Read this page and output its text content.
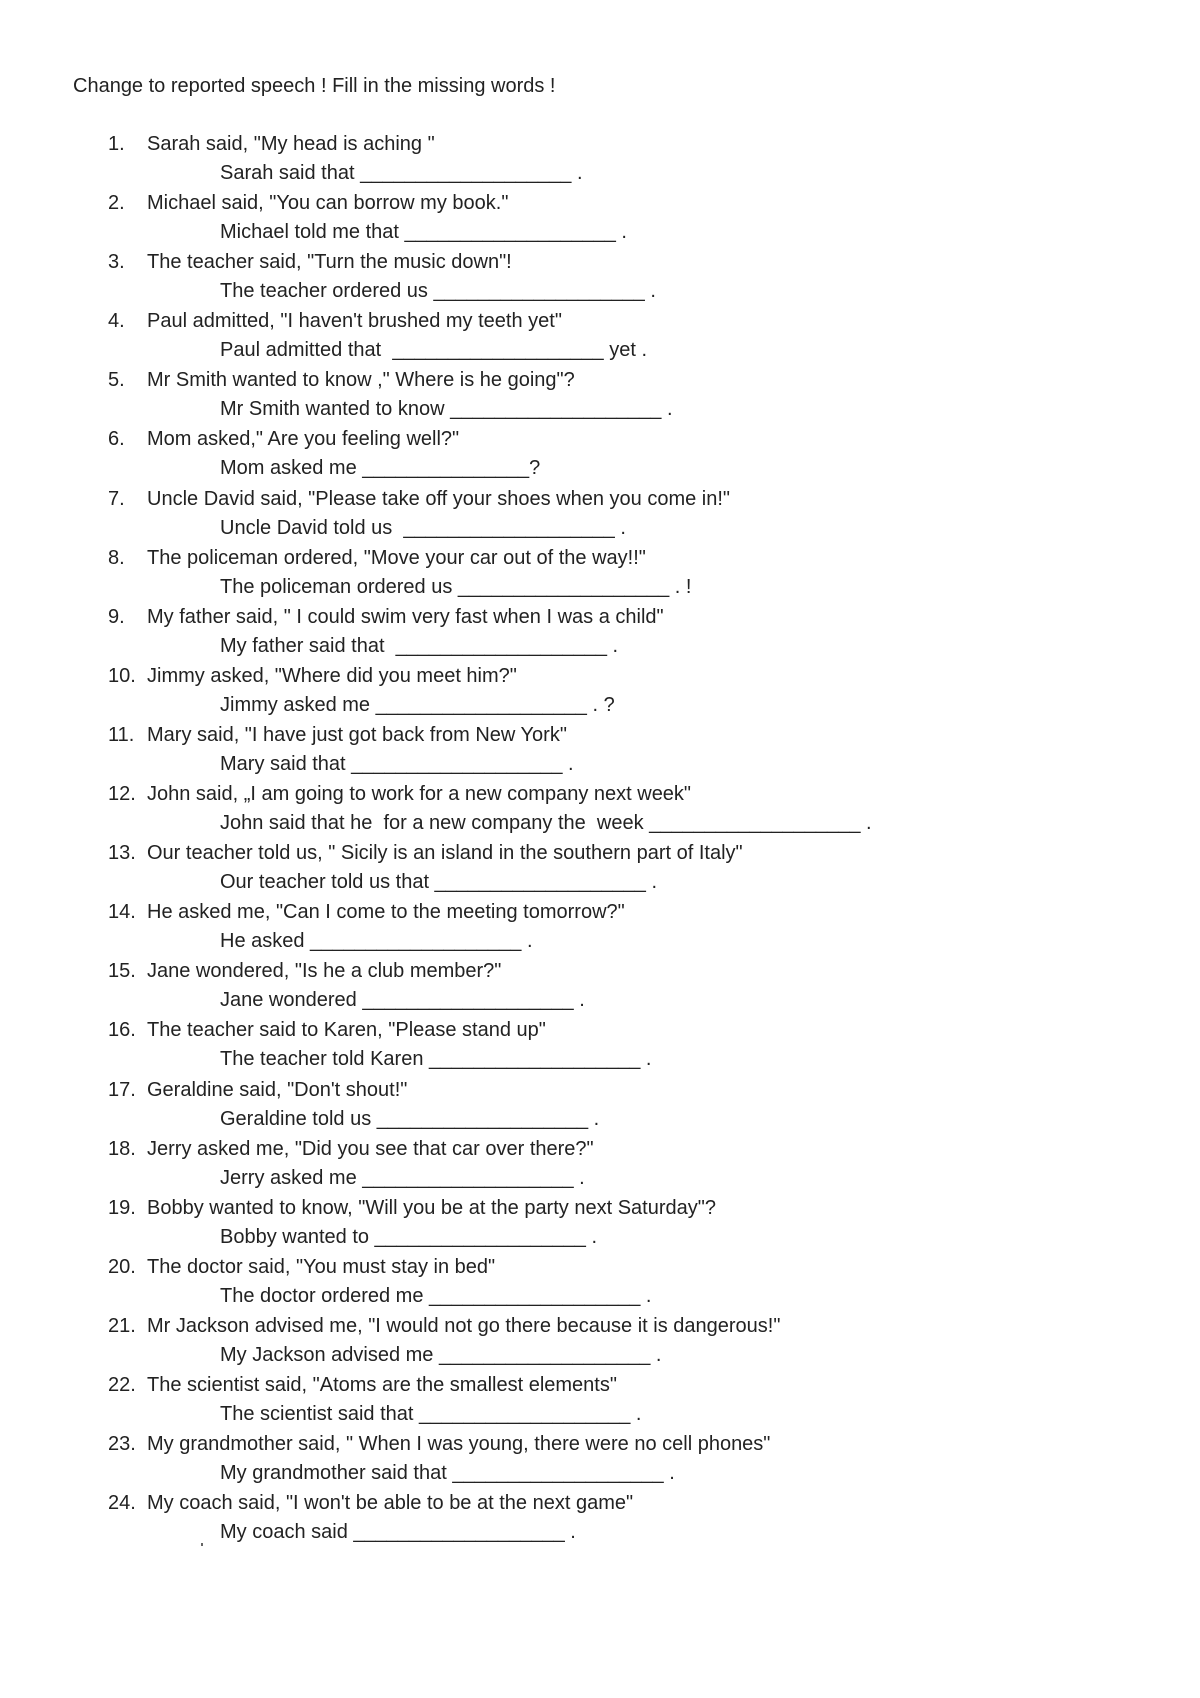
Change to reported speech ! Fill in the missing words !
1. Sarah said, "My head is aching "
Sarah said that ___________________ .
2. Michael said, "You can borrow my book."
Michael told me that ___________________ .
3. The teacher said, "Turn the music down"!
The teacher ordered us ___________________ .
4. Paul admitted, "I haven't brushed my teeth yet"
Paul admitted that  ___________________ yet .
5. Mr Smith wanted to know ," Where is he going"?
Mr Smith wanted to know ___________________ .
6. Mom asked," Are you feeling well?"
Mom asked me _______________?
7. Uncle David said, "Please take off your shoes when you come in!"
Uncle David told us  ___________________ .
8. The policeman ordered, "Move your car out of the way!!"
The policeman ordered us ___________________ . !
9. My father said, " I could swim very fast when I was a child"
My father said that  ___________________ .
10. Jimmy asked, "Where did you meet him?"
Jimmy asked me ___________________ . ?
11. Mary said, "I have just got back from New York"
Mary said that ___________________ .
12. John said, „I am going to work for a new company next week"
John said that he  for a new company the  week ___________________ .
13. Our teacher told us, " Sicily is an island in the southern part of Italy"
Our teacher told us that ___________________ .
14. He asked me, "Can I come to the meeting tomorrow?"
He asked ___________________ .
15. Jane wondered, "Is he a club member?"
Jane wondered ___________________ .
16. The teacher said to Karen, "Please stand up"
The teacher told Karen ___________________ .
17. Geraldine said, "Don't shout!"
Geraldine told us ___________________ .
18. Jerry asked me, "Did you see that car over there?"
Jerry asked me ___________________ .
19. Bobby wanted to know, "Will you be at the party next Saturday"?
Bobby wanted to ___________________ .
20. The doctor said, "You must stay in bed"
The doctor ordered me ___________________ .
21. Mr Jackson advised me, "I would not go there because it is dangerous!"
My Jackson advised me ___________________ .
22. The scientist said, "Atoms are the smallest elements"
The scientist said that ___________________ .
23. My grandmother said, " When I was young, there were no cell phones"
My grandmother said that ___________________ .
24. My coach said, "I won't be able to be at the next game"
My coach said ___________________ .
